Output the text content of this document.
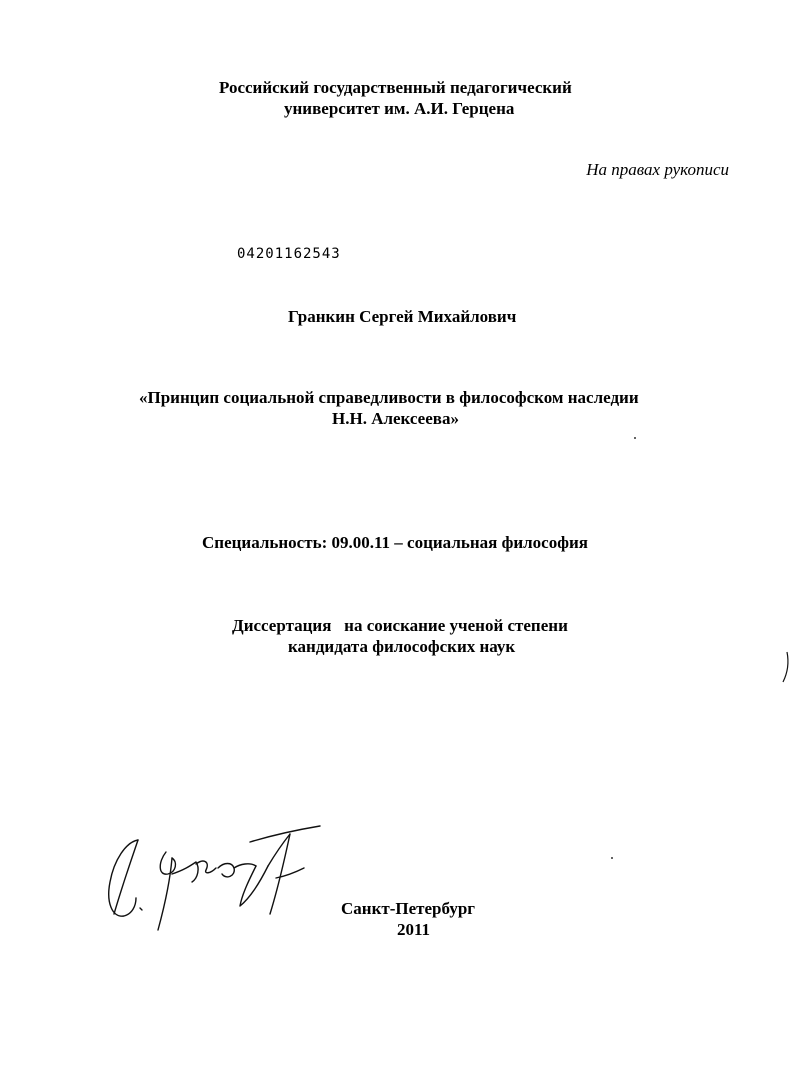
Российский государственный педагогический
университет им. А.И. Герцена
На правах рукописи
04201162543
Гранкин Сергей Михайлович
«Принцип социальной справедливости в философском наследии
Н.Н. Алексеева»
Специальность: 09.00.11 – социальная философия
Диссертация   на соискание ученой степени
кандидата философских наук
Санкт-Петербург
2011
